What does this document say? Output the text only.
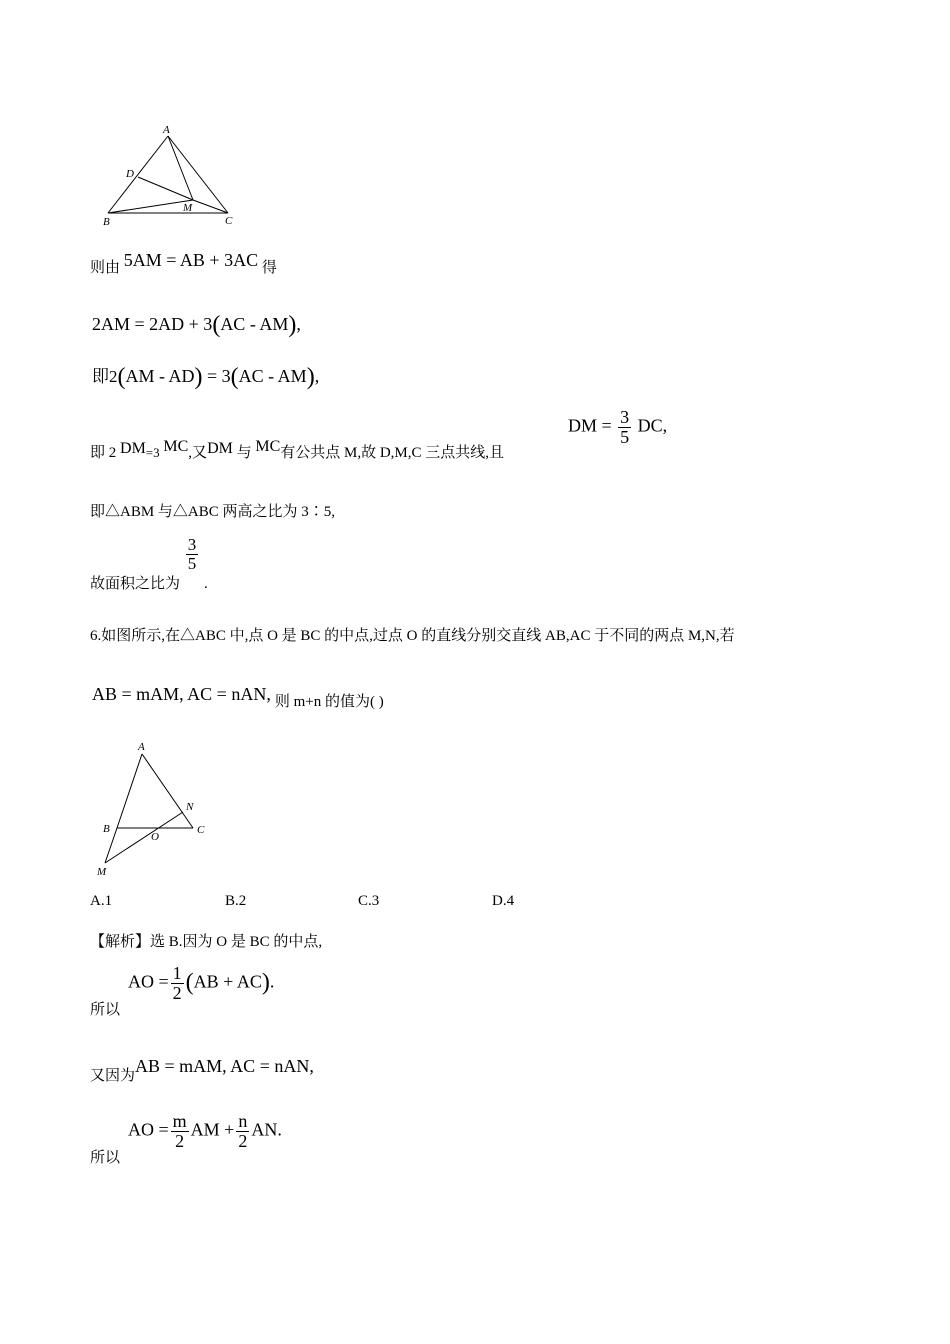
A
D
M
B	C
则由 5AM = AB + 3AC 得
2AM = 2AD + 3(AC - AM),
即2(AM - AD) = 3(AC - AM),
即 2 DM=3 MC,又DM 与 MC有公共点 M,故 D,M,C 三点共线,且
DM = $\frac{3}{5}$ DC,
即△ABM 与△ABC 两高之比为 3∶5,
故面积之比为
$\frac{3}{5}$
.
6.如图所示,在△ABC 中,点 O 是 BC 的中点,过点 O 的直线分别交直线 AB,AC 于不同的两点 M,N,若
AB = mAM, AC = nAN, 则 m+n 的值为( )
A
N
B	C
O
M
A.1	B.2	C.3	D.4
【解析】选 B.因为 O 是 BC 的中点,
所以
AO = $\frac{1}{2} (AB + AC)$.
又因为AB = mAM, AC = nAN,
所以
AO = $\frac{m}{2}$ AM + $\frac{n}{2}$ AN.
